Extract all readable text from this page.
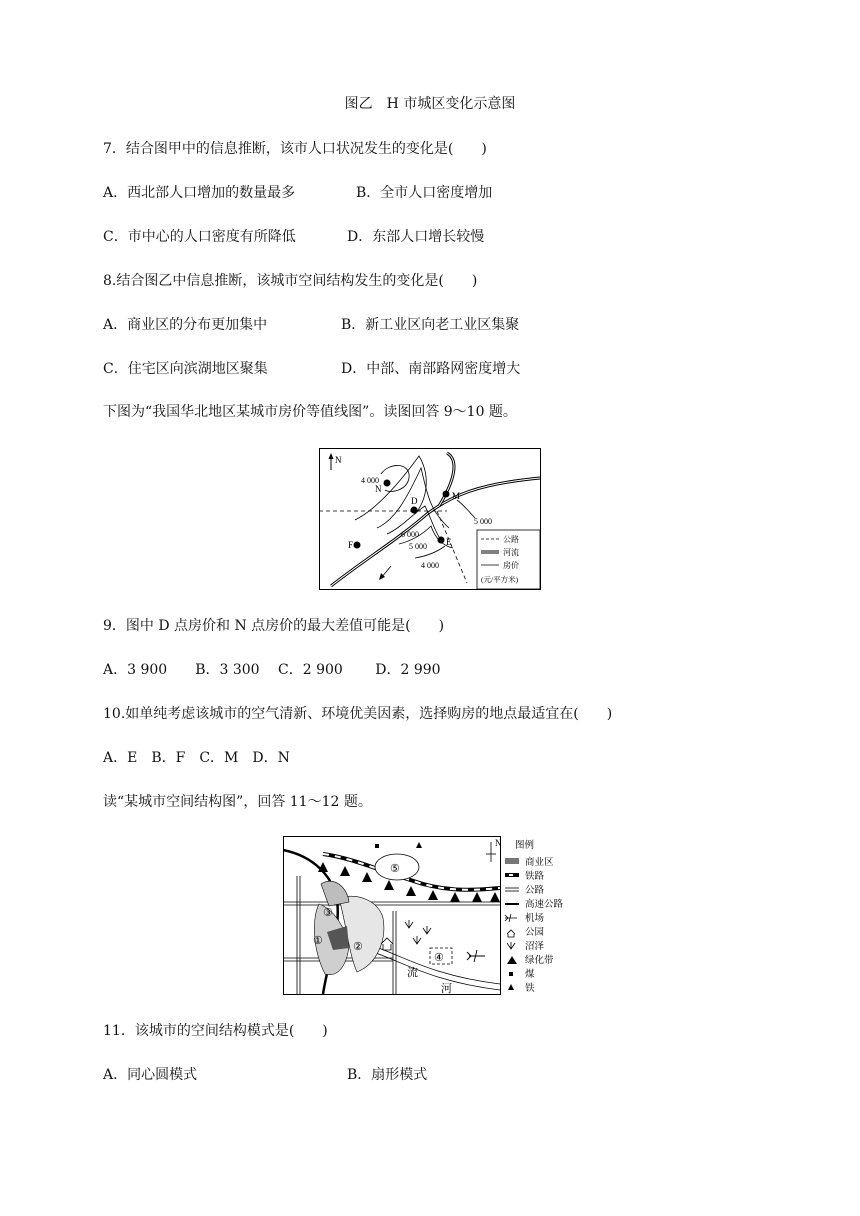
图乙　H 市城区变化示意图
7．结合图甲中的信息推断，该市人口状况发生的变化是(　　)
A．西北部人口增加的数量最多	B．全市人口密度增加
C．市中心的人口密度有所降低	D．东部人口增长较慢
8.结合图乙中信息推断，该城市空间结构发生的变化是(　　)
A．商业区的分布更加集中	B．新工业区向老工业区集聚
C．住宅区向滨湖地区聚集	D．中部、南部路网密度增大
下图为“我国华北地区某城市房价等值线图”。读图回答 9～10 题。
N
4 000
5 000
6 000
5 000
4 000
N
D	M
F	E	公路
河流
房价
(元/平方米)
9．图中 D 点房价和 N 点房价的最大差值可能是(　　)
A．3 900　　B．3 300　 C．2 900　　 D．2 990
10.如单纯考虑该城市的空气清新、环境优美因素，选择购房的地点最适宜在(　　)
A．E　B．F　C．M　D．N
读“某城市空间结构图”，回答 11～12 题。
①	②
③
④
⑤
流
河
N 图例
商业区
铁路
公路
高速公路
机场
公园
沼泽
绿化带
煤
铁
11．该城市的空间结构模式是(　　)
A．同心圆模式	B．扇形模式
